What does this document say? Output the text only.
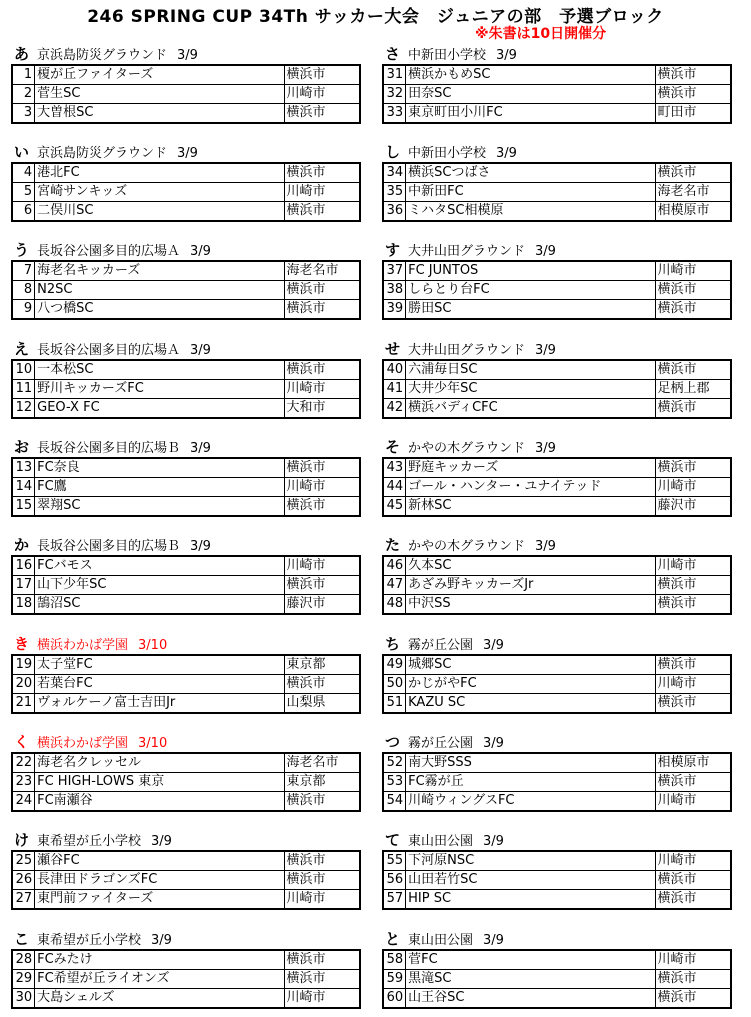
246 SPRING CUP 34Th サッカー大会　ジュニアの部　予選ブロック
※朱書は10日開催分
あ 京浜島防災グラウンド 3/9
1	榎が丘ファイターズ	横浜市
2	菅生SC	川崎市
3	大曽根SC	横浜市
い 京浜島防災グラウンド 3/9
4	港北FC	横浜市
5	宮崎サンキッズ	川崎市
6	二俣川SC	横浜市
う 長坂谷公園多目的広場Ａ 3/9
7	海老名キッカーズ	海老名市
8	N2SC	横浜市
9	八つ橋SC	横浜市
え 長坂谷公園多目的広場Ａ 3/9
10	一本松SC	横浜市
11	野川キッカーズFC	川崎市
12	GEO-X FC	大和市
お 長坂谷公園多目的広場Ｂ 3/9
13	FC奈良	横浜市
14	FC鷹	川崎市
15	翠翔SC	横浜市
か 長坂谷公園多目的広場Ｂ 3/9
16	FCバモス	川崎市
17	山下少年SC	横浜市
18	鵠沼SC	藤沢市
き 横浜わかば学園 3/10
19	太子堂FC	東京都
20	若葉台FC	横浜市
21	ヴォルケーノ富士吉田Jr	山梨県
く 横浜わかば学園 3/10
22	海老名クレッセル	海老名市
23	FC HIGH-LOWS 東京	東京都
24	FC南瀬谷	横浜市
け 東希望が丘小学校 3/9
25	瀬谷FC	横浜市
26	長津田ドラゴンズFC	横浜市
27	東門前ファイターズ	川崎市
こ 東希望が丘小学校 3/9
28	FCみたけ	横浜市
29	FC希望が丘ライオンズ	横浜市
30	大島シェルズ	川崎市
さ 中新田小学校 3/9
31	横浜かもめSC	横浜市
32	田奈SC	横浜市
33	東京町田小川FC	町田市
し 中新田小学校 3/9
34	横浜SCつばさ	横浜市
35	中新田FC	海老名市
36	ミハタSC相模原	相模原市
す 大井山田グラウンド 3/9
37	FC JUNTOS	川崎市
38	しらとり台FC	横浜市
39	勝田SC	横浜市
せ 大井山田グラウンド 3/9
40	六浦毎日SC	横浜市
41	大井少年SC	足柄上郡
42	横浜バディCFC	横浜市
そ かやの木グラウンド 3/9
43	野庭キッカーズ	横浜市
44	ゴール・ハンター・ユナイテッド	川崎市
45	新林SC	藤沢市
た かやの木グラウンド 3/9
46	久本SC	川崎市
47	あざみ野キッカーズJr	横浜市
48	中沢SS	横浜市
ち 霧が丘公園 3/9
49	城郷SC	横浜市
50	かじがやFC	川崎市
51	KAZU SC	横浜市
つ 霧が丘公園 3/9
52	南大野SSS	相模原市
53	FC霧が丘	横浜市
54	川崎ウィングスFC	川崎市
て 東山田公園 3/9
55	下河原NSC	川崎市
56	山田若竹SC	横浜市
57	HIP SC	横浜市
と 東山田公園 3/9
58	菅FC	川崎市
59	黒滝SC	横浜市
60	山王谷SC	横浜市
